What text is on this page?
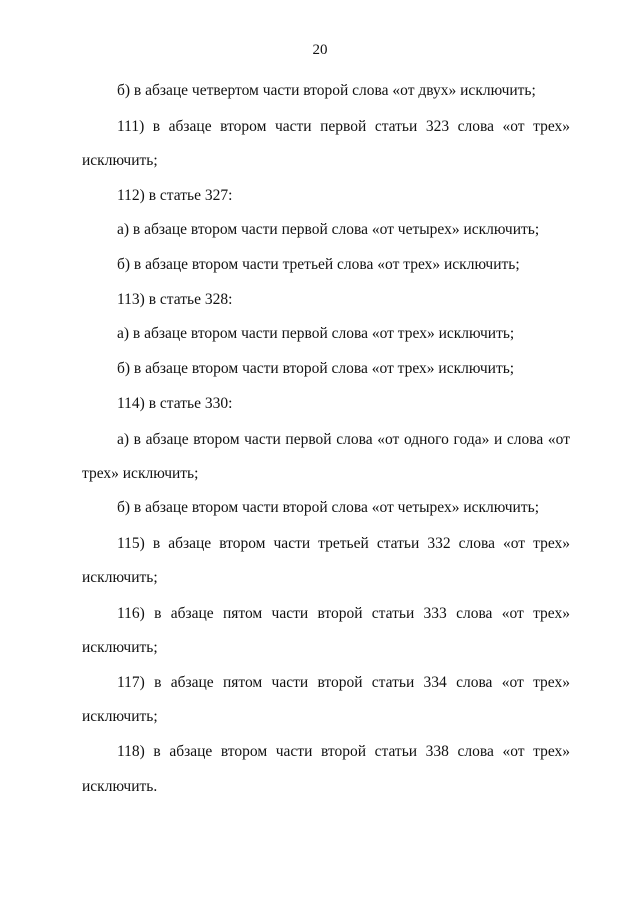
20
б) в абзаце четвертом части второй слова «от двух» исключить;
111) в абзаце втором части первой статьи 323 слова «от трех»
исключить;
112) в статье 327:
а) в абзаце втором части первой слова «от четырех» исключить;
б) в абзаце втором части третьей слова «от трех» исключить;
113) в статье 328:
а) в абзаце втором части первой слова «от трех» исключить;
б) в абзаце втором части второй слова «от трех» исключить;
114) в статье 330:
а) в абзаце втором части первой слова «от одного года» и слова «от
трех» исключить;
б) в абзаце втором части второй слова «от четырех» исключить;
115) в абзаце втором части третьей статьи 332 слова «от трех»
исключить;
116) в абзаце пятом части второй статьи 333 слова «от трех»
исключить;
117) в абзаце пятом части второй статьи 334 слова «от трех»
исключить;
118) в абзаце втором части второй статьи 338 слова «от трех»
исключить.
